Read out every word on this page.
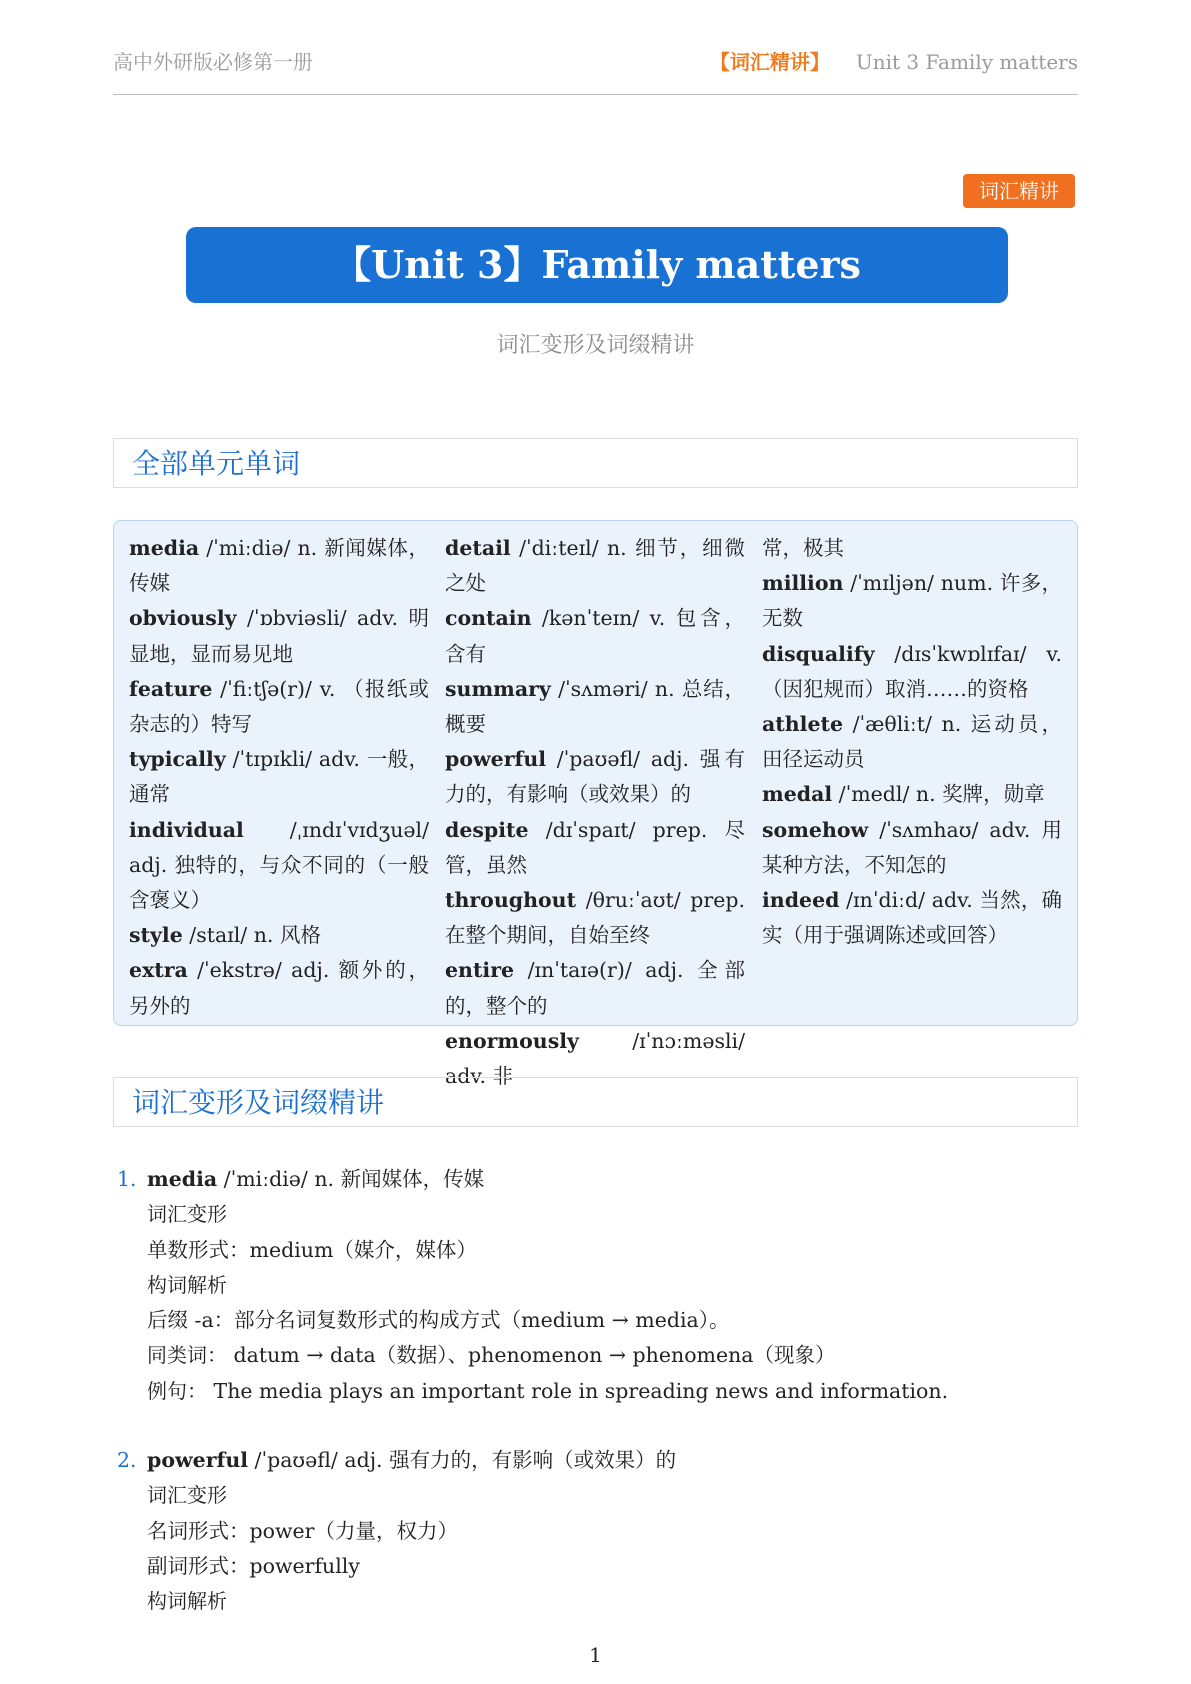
高中外研版必修第一册	【词汇精讲】 Unit 3 Family matters
词汇精讲
【Unit 3】Family matters
词汇变形及词缀精讲
全部单元单词

media /ˈmiːdiə/ n. 新闻媒体，传媒

obviously /ˈɒbviəsli/ adv. 明显地，显而易见地

feature /ˈfiːtʃə(r)/ v. （报纸或杂志的）特写

typically /ˈtɪpɪkli/ adv. 一般，通常

individual /ˌɪndɪˈvɪdʒuəl/ adj. 独特的，与众不同的（一般含褒义）

style /staɪl/ n. 风格

extra /ˈekstrə/ adj. 额外的，另外的

detail /ˈdiːteɪl/ n. 细节，细微之处

contain /kənˈteɪn/ v. 包含，含有

summary /ˈsʌməri/ n. 总结，概要

powerful /ˈpaʊəfl/ adj. 强有力的，有影响（或效果）的

despite /dɪˈspaɪt/ prep. 尽管，虽然

throughout /θruːˈaʊt/ prep. 在整个期间，自始至终

entire /ɪnˈtaɪə(r)/ adj. 全部的，整个的

enormously /ɪˈnɔːməsli/ adv. 非

常，极其

million /ˈmɪljən/ num. 许多，无数

disqualify /dɪsˈkwɒlɪfaɪ/ v. （因犯规而）取消……的资格

athlete /ˈæθliːt/ n. 运动员，田径运动员

medal /ˈmedl/ n. 奖牌，勋章

somehow /ˈsʌmhaʊ/ adv. 用某种方法，不知怎的

indeed /ɪnˈdiːd/ adv. 当然，确实（用于强调陈述或回答）

词汇变形及词缀精讲
1. media /ˈmiːdiə/ n. 新闻媒体，传媒
词汇变形
单数形式：medium（媒介，媒体）
构词解析
后缀 -a：部分名词复数形式的构成方式（medium → media）。
同类词： datum → data（数据）、phenomenon → phenomena（现象）
例句： The media plays an important role in spreading news and information.
2. powerful /ˈpaʊəfl/ adj. 强有力的，有影响（或效果）的
词汇变形
名词形式：power（力量，权力）
副词形式：powerfully
构词解析
1
